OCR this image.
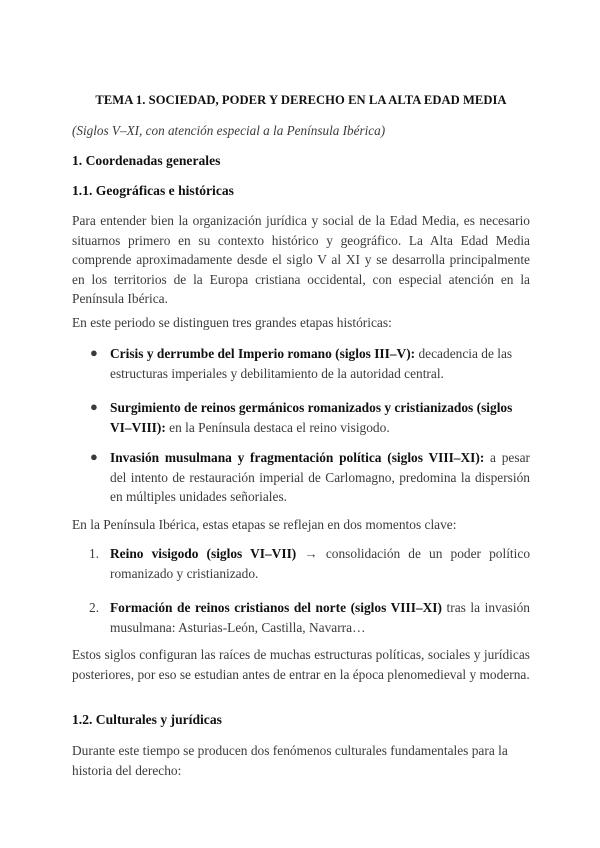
TEMA 1. SOCIEDAD, PODER Y DERECHO EN LA ALTA EDAD MEDIA
(Siglos V–XI, con atención especial a la Península Ibérica)
1. Coordenadas generales
1.1. Geográficas e históricas
Para entender bien la organización jurídica y social de la Edad Media, es necesario situarnos primero en su contexto histórico y geográfico. La Alta Edad Media comprende aproximadamente desde el siglo V al XI y se desarrolla principalmente en los territorios de la Europa cristiana occidental, con especial atención en la Península Ibérica.
En este periodo se distinguen tres grandes etapas históricas:
● Crisis y derrumbe del Imperio romano (siglos III–V): decadencia de las estructuras imperiales y debilitamiento de la autoridad central.
● Surgimiento de reinos germánicos romanizados y cristianizados (siglos VI–VIII): en la Península destaca el reino visigodo.
● Invasión musulmana y fragmentación política (siglos VIII–XI): a pesar del intento de restauración imperial de Carlomagno, predomina la dispersión en múltiples unidades señoriales.
En la Península Ibérica, estas etapas se reflejan en dos momentos clave:
1. Reino visigodo (siglos VI–VII) → consolidación de un poder político romanizado y cristianizado.
2. Formación de reinos cristianos del norte (siglos VIII–XI) tras la invasión musulmana: Asturias-León, Castilla, Navarra…
Estos siglos configuran las raíces de muchas estructuras políticas, sociales y jurídicas posteriores, por eso se estudian antes de entrar en la época plenomedieval y moderna.
1.2. Culturales y jurídicas
Durante este tiempo se producen dos fenómenos culturales fundamentales para la historia del derecho:
